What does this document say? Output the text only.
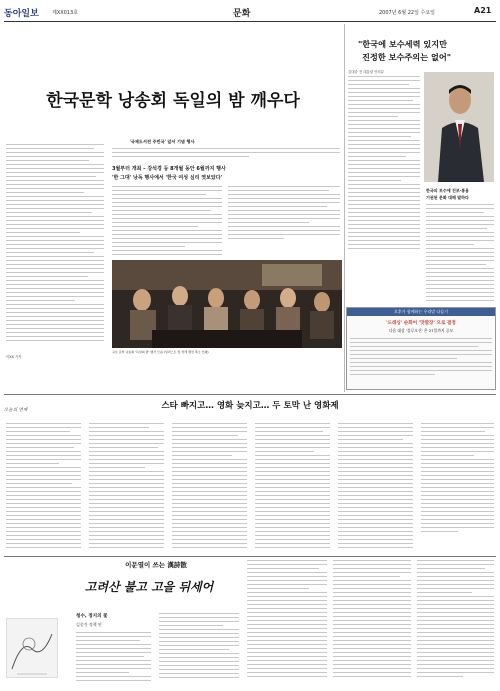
동아일보	제XX013호	문화	2007년 6월 22일 수요일	A21
한국문학 낭송회 독일의 밤 깨우다
'국제도서전 주빈국' 앞서 기념 행사
3월부터 개최 – 강석경 등 8개월 동안 6월까지 행사
'한 그대' 낭독 행사에서 '한국 여성 심리 엿보았다'
교보 문학 낭송회 '독일의 밤' 행사 모습 (일러스트 및 상세 캡션 축소 인쇄)
이XX 기자
"한국에 보수세력 있지만
진정한 보수주의는 없어"
김대중 전 대통령 인터뷰
한국의 보수에 진보·통용
기권된 문화 대해 말하다
오후가 함께하는 우리말 다듬기
'드레싱' 순화어 '맛깔장' 으로 결정
다음 대상 '블루오션' 은 27일까지 공모
오늘의 연재	스타 빠지고… 영화 늦지고… 두 토막 난 영화제
이문열이 쓰는 漢詩散
고려산 불고 고을 뒤세어
청수, 정지의 꽃
김종건 정책 연
